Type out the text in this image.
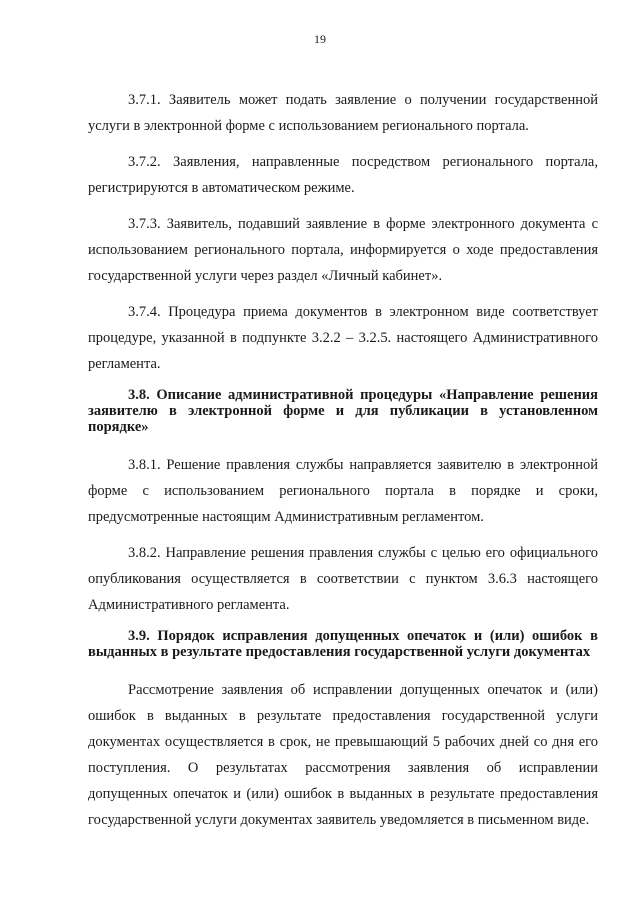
19

3.7.1. Заявитель может подать заявление о получении государственной услуги в электронной форме с использованием регионального портала.

3.7.2. Заявления, направленные посредством регионального портала, регистрируются в автоматическом режиме.

3.7.3. Заявитель, подавший заявление в форме электронного документа с использованием регионального портала, информируется о ходе предоставления государственной услуги через раздел «Личный кабинет».

3.7.4. Процедура приема документов в электронном виде соответствует процедуре, указанной в подпункте 3.2.2 – 3.2.5. настоящего Административного регламента.

3.8. Описание административной процедуры «Направление решения заявителю в электронной форме и для публикации в установленном порядке»

3.8.1. Решение правления службы направляется заявителю в электронной форме с использованием регионального портала в порядке и сроки, предусмотренные настоящим Административным регламентом.

3.8.2. Направление решения правления службы с целью его официального опубликования осуществляется в соответствии с пунктом 3.6.3 настоящего Административного регламента.

3.9. Порядок исправления допущенных опечаток и (или) ошибок в выданных в результате предоставления государственной услуги документах

Рассмотрение заявления об исправлении допущенных опечаток и (или) ошибок в выданных в результате предоставления государственной услуги документах осуществляется в срок, не превышающий 5 рабочих дней со дня его поступления. О результатах рассмотрения заявления об исправлении допущенных опечаток и (или) ошибок в выданных в результате предоставления государственной услуги документах заявитель уведомляется в письменном виде.
